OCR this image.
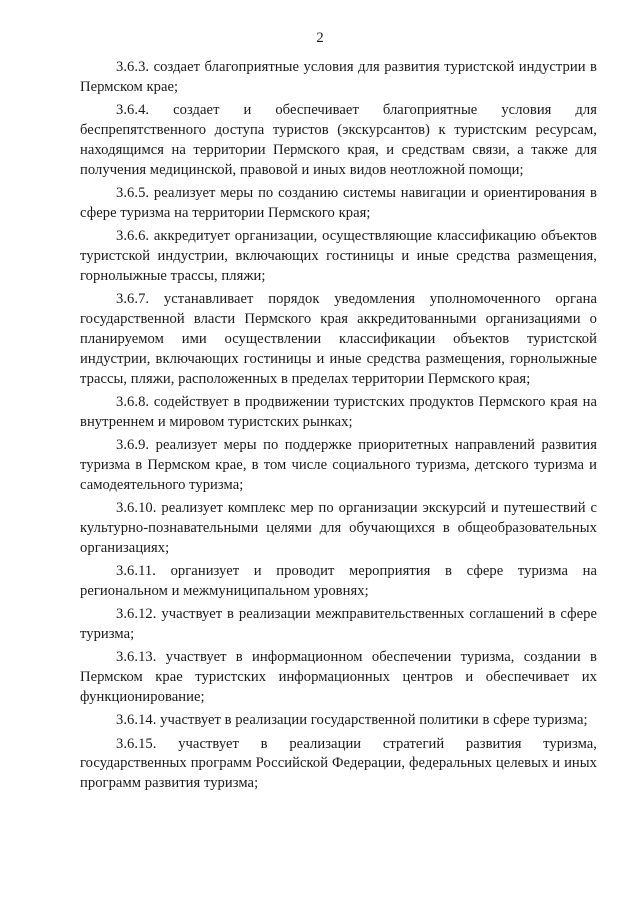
2

3.6.3. создает благоприятные условия для развития туристской индустрии в Пермском крае;

3.6.4. создает и обеспечивает благоприятные условия для беспрепятственного доступа туристов (экскурсантов) к туристским ресурсам, находящимся на территории Пермского края, и средствам связи, а также для получения медицинской, правовой и иных видов неотложной помощи;

3.6.5. реализует меры по созданию системы навигации и ориентирования в сфере туризма на территории Пермского края;

3.6.6. аккредитует организации, осуществляющие классификацию объектов туристской индустрии, включающих гостиницы и иные средства размещения, горнолыжные трассы, пляжи;

3.6.7. устанавливает порядок уведомления уполномоченного органа государственной власти Пермского края аккредитованными организациями о планируемом ими осуществлении классификации объектов туристской индустрии, включающих гостиницы и иные средства размещения, горнолыжные трассы, пляжи, расположенных в пределах территории Пермского края;

3.6.8. содействует в продвижении туристских продуктов Пермского края на внутреннем и мировом туристских рынках;

3.6.9. реализует меры по поддержке приоритетных направлений развития туризма в Пермском крае, в том числе социального туризма, детского туризма и самодеятельного туризма;

3.6.10. реализует комплекс мер по организации экскурсий и путешествий с культурно-познавательными целями для обучающихся в общеобразовательных организациях;

3.6.11. организует и проводит мероприятия в сфере туризма на региональном и межмуниципальном уровнях;

3.6.12. участвует в реализации межправительственных соглашений в сфере туризма;

3.6.13. участвует в информационном обеспечении туризма, создании в Пермском крае туристских информационных центров и обеспечивает их функционирование;

3.6.14. участвует в реализации государственной политики в сфере туризма;

3.6.15. участвует в реализации стратегий развития туризма, государственных программ Российской Федерации, федеральных целевых и иных программ развития туризма;
